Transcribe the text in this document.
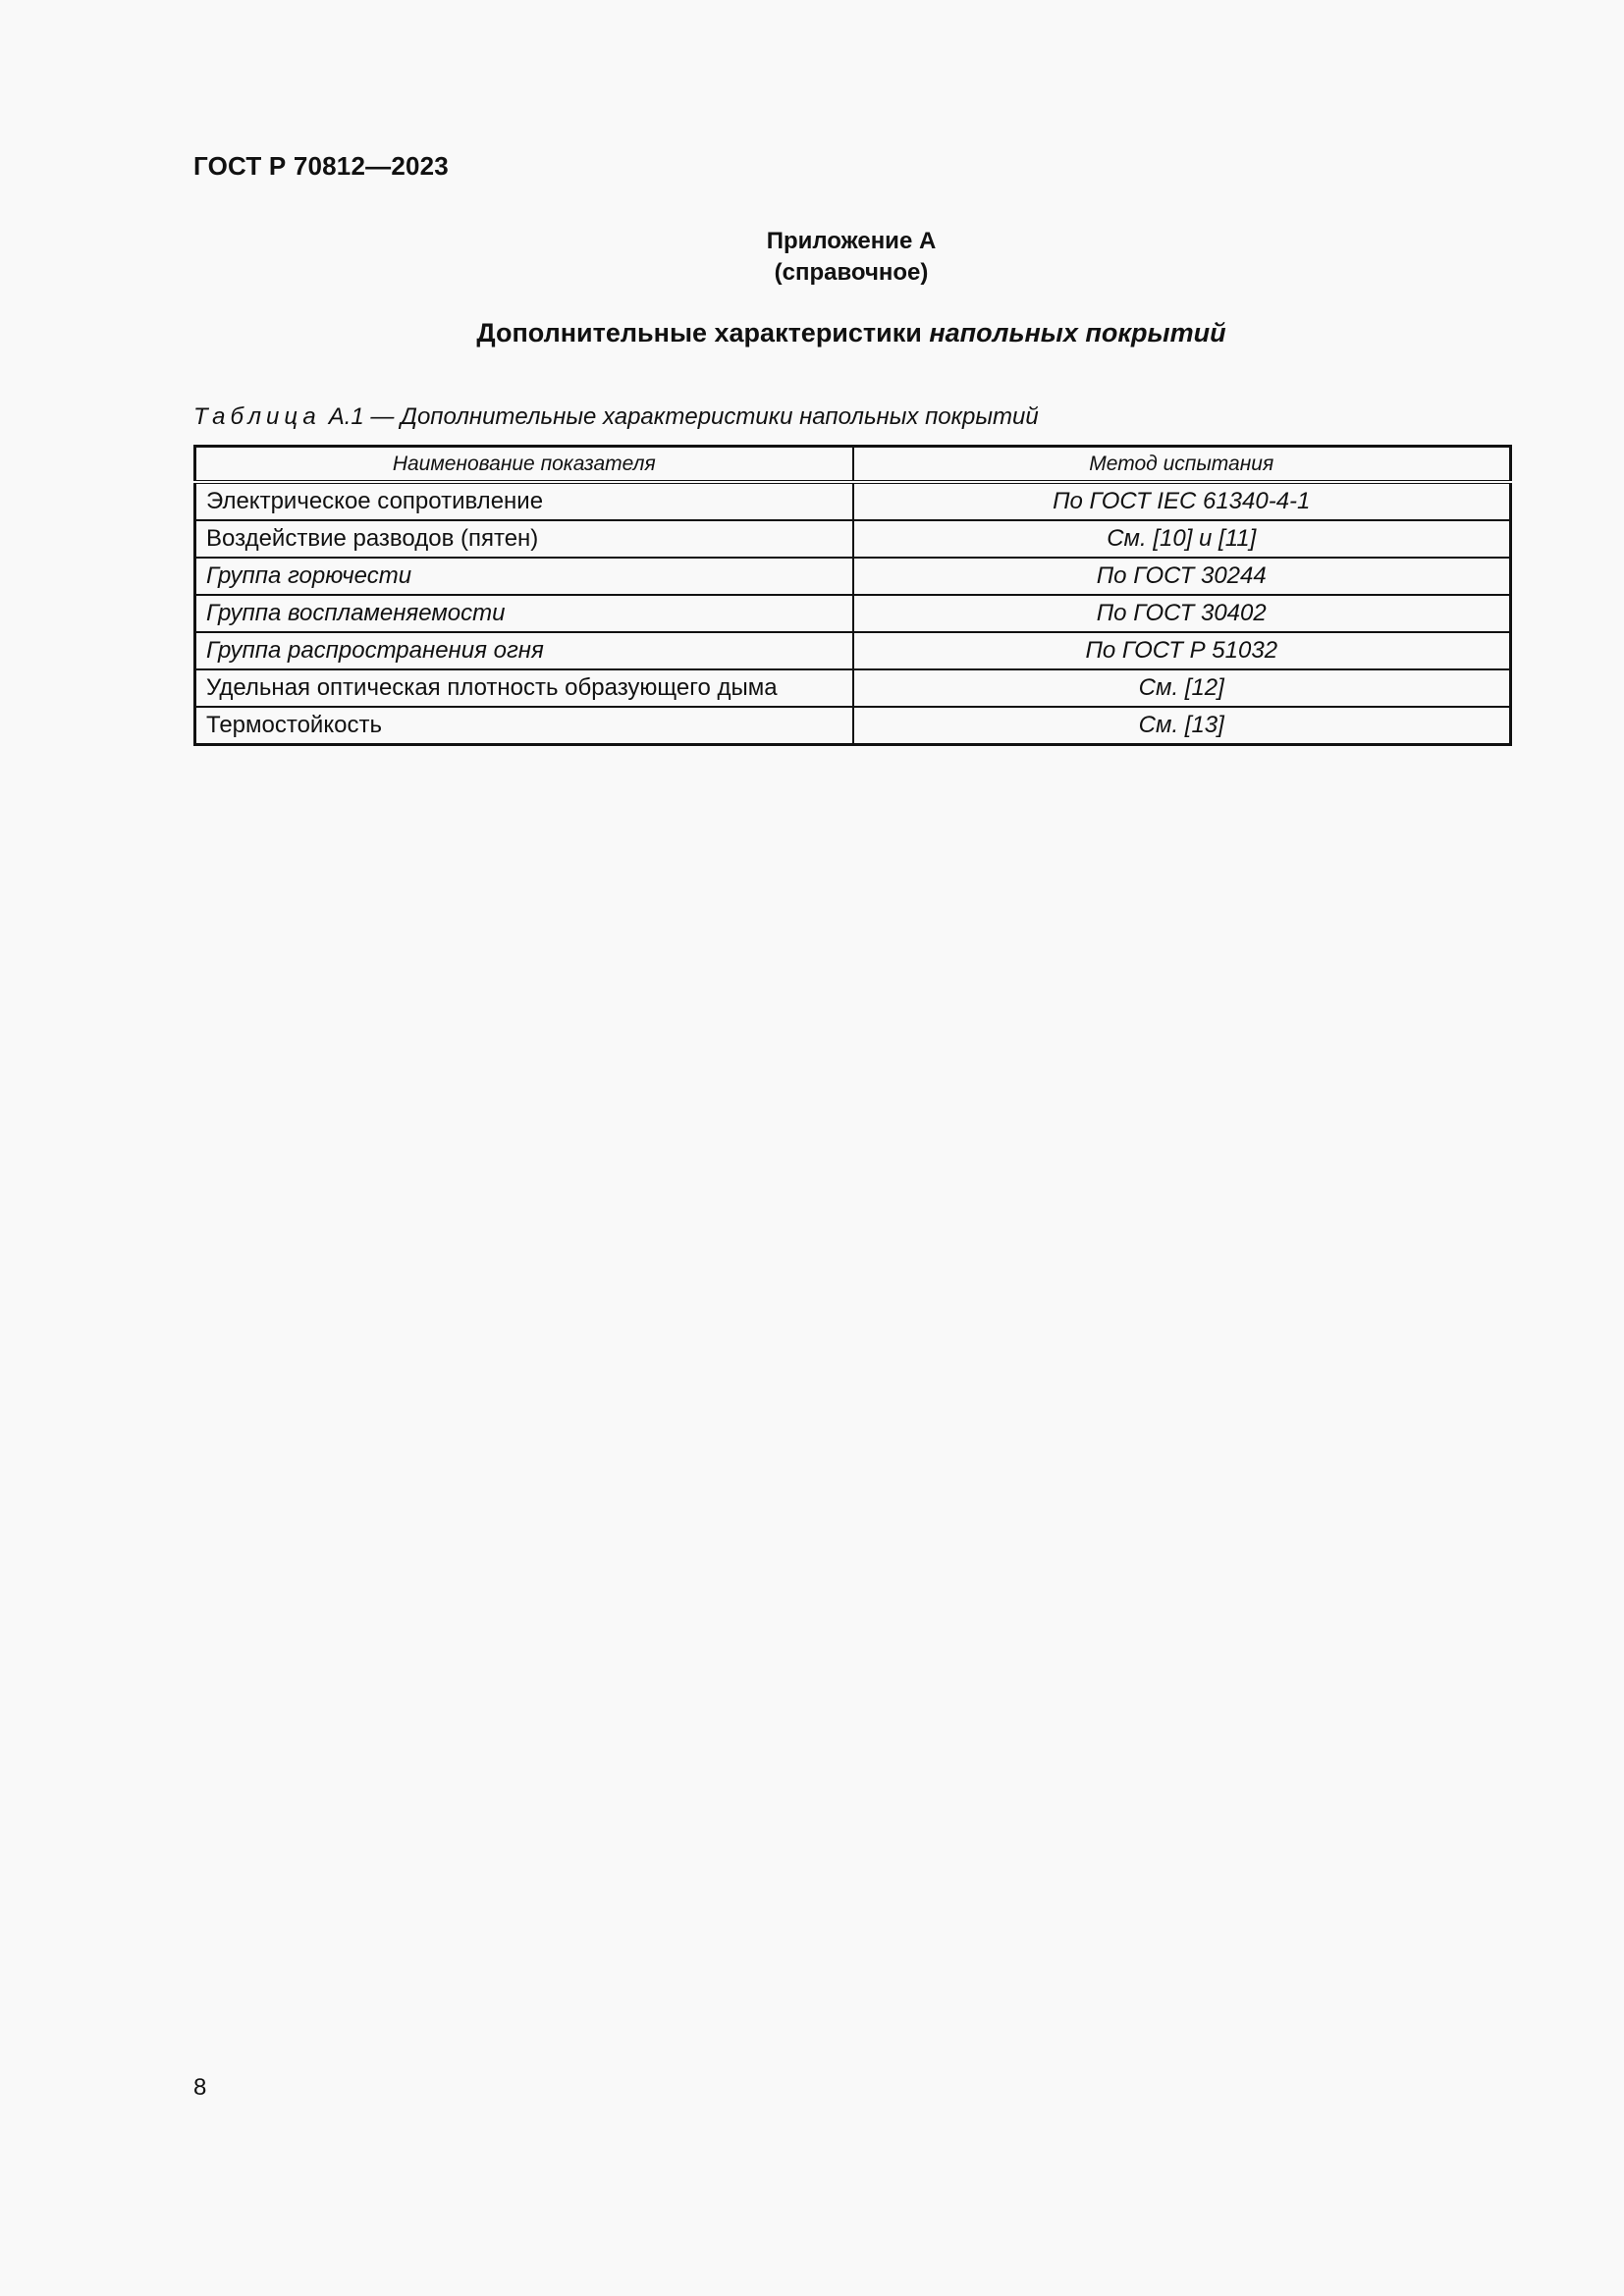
ГОСТ Р 70812—2023
Приложение А
(справочное)
Дополнительные характеристики напольных покрытий
Таблица А.1 — Дополнительные характеристики напольных покрытий
Наименование показателя	Метод испытания
Электрическое сопротивление	По ГОСТ IEC 61340-4-1
Воздействие разводов (пятен)	См. [10] и [11]
Группа горючести	По ГОСТ 30244
Группа воспламеняемости	По ГОСТ 30402
Группа распространения огня	По ГОСТ Р 51032
Удельная оптическая плотность образующего дыма	См. [12]
Термостойкость	См. [13]
8
